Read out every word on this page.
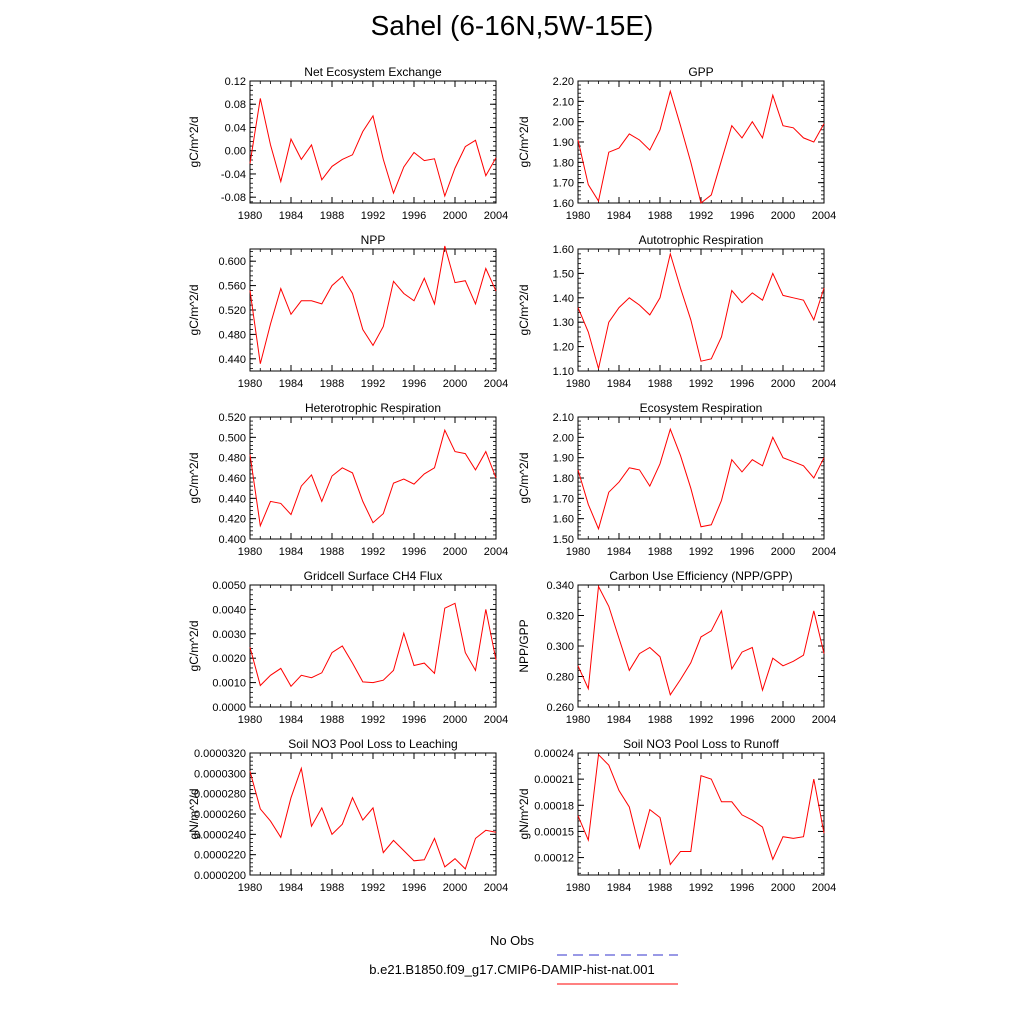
Sahel (6-16N,5W-15E)
Net Ecosystem Exchange
gC/m^2/d
1980 1984 1988 1992 1996 2000 2004
-0.08
-0.04
0.00
0.04
0.08
0.12
GPP
gC/m^2/d
1980 1984 1988 1992 1996 2000 2004
1.60
1.70
1.80
1.90
2.00
2.10
2.20
NPP
gC/m^2/d
1980 1984 1988 1992 1996 2000 2004
0.440
0.480
0.520
0.560
0.600
Autotrophic Respiration
gC/m^2/d
1980 1984 1988 1992 1996 2000 2004
1.10
1.20
1.30
1.40
1.50
1.60
Heterotrophic Respiration
gC/m^2/d
1980 1984 1988 1992 1996 2000 2004
0.400
0.420
0.440
0.460
0.480
0.500
0.520
Ecosystem Respiration
gC/m^2/d
1980 1984 1988 1992 1996 2000 2004
1.50
1.60
1.70
1.80
1.90
2.00
2.10
Gridcell Surface CH4 Flux
gC/m^2/d
1980 1984 1988 1992 1996 2000 2004
0.0000
0.0010
0.0020
0.0030
0.0040
0.0050
Carbon Use Efficiency (NPP/GPP)
NPP/GPP
1980 1984 1988 1992 1996 2000 2004
0.260
0.280
0.300
0.320
0.340
Soil NO3 Pool Loss to Leaching
gN/m^2/d
1980 1984 1988 1992 1996 2000 2004
0.0000200
0.0000220
0.0000240
0.0000260
0.0000280
0.0000300
0.0000320
Soil NO3 Pool Loss to Runoff
gN/m^2/d
1980 1984 1988 1992 1996 2000 2004
0.00012
0.00015
0.00018
0.00021
0.00024
No Obs
b.e21.B1850.f09_g17.CMIP6-DAMIP-hist-nat.001
